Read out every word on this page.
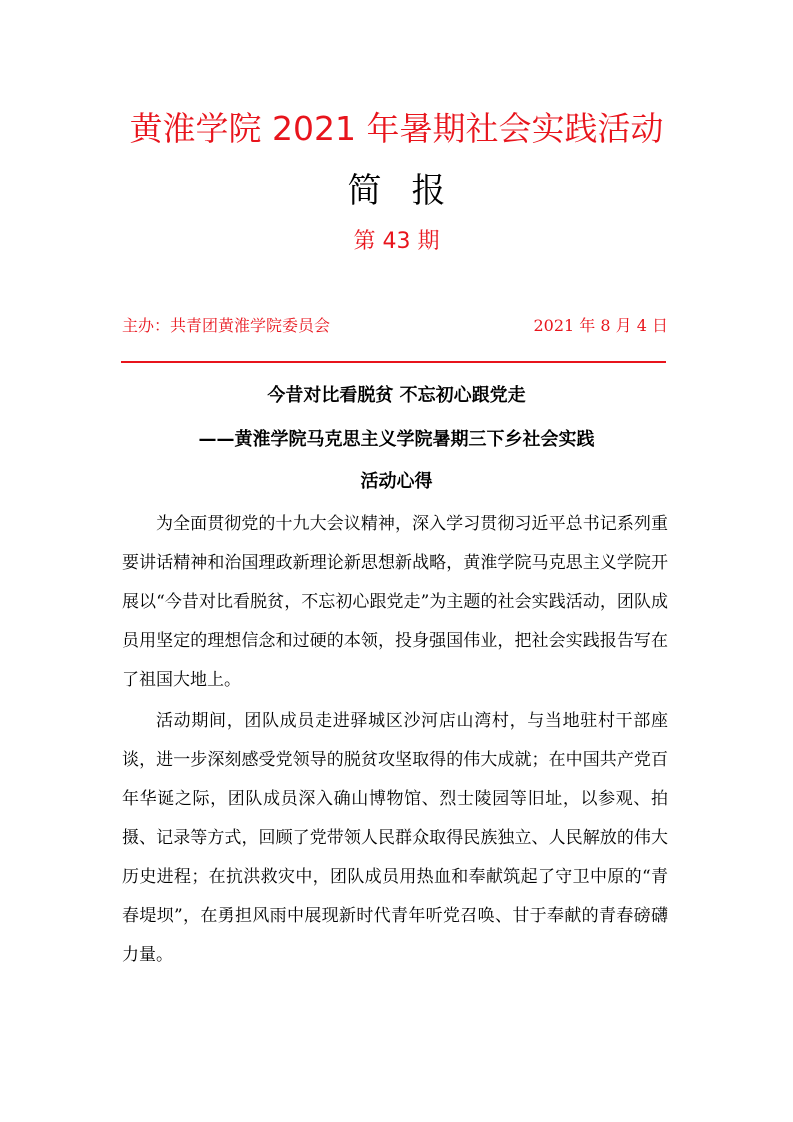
黄淮学院 2021 年暑期社会实践活动
简报
第 43 期
主办：共青团黄淮学院委员会	2021 年 8 月 4 日
今昔对比看脱贫 不忘初心跟党走
——黄淮学院马克思主义学院暑期三下乡社会实践
活动心得

为全面贯彻党的十九大会议精神，深入学习贯彻习近平总书记系列重要讲话精神和治国理政新理论新思想新战略，黄淮学院马克思主义学院开展以“今昔对比看脱贫，不忘初心跟党走”为主题的社会实践活动，团队成员用坚定的理想信念和过硬的本领，投身强国伟业，把社会实践报告写在了祖国大地上。

活动期间，团队成员走进驿城区沙河店山湾村，与当地驻村干部座谈，进一步深刻感受党领导的脱贫攻坚取得的伟大成就；在中国共产党百年华诞之际，团队成员深入确山博物馆、烈士陵园等旧址，以参观、拍摄、记录等方式，回顾了党带领人民群众取得民族独立、人民解放的伟大历史进程；在抗洪救灾中，团队成员用热血和奉献筑起了守卫中原的“青春堤坝”，在勇担风雨中展现新时代青年听党召唤、甘于奉献的青春磅礴力量。
